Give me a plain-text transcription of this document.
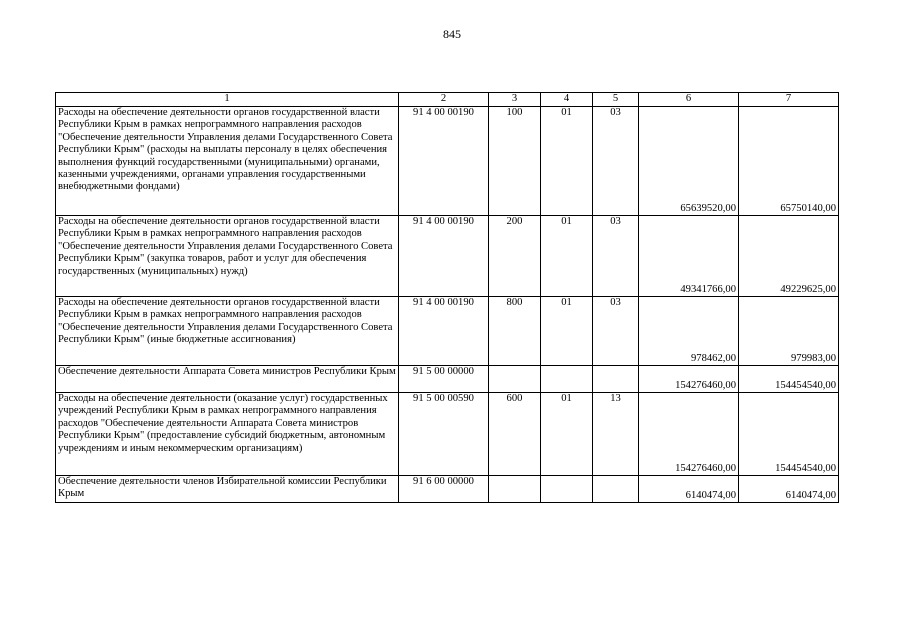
845
1	2	3	4	5	6	7
Расходы на обеспечение деятельности органов государственной власти Республики Крым в рамках непрограммного направления расходов "Обеспечение деятельности Управления делами Государственного Совета Республики Крым" (расходы на выплаты персоналу в целях обеспечения выполнения функций государственными (муниципальными) органами, казенными учреждениями, органами управления государственными внебюджетными фондами)	91 4 00 00190	100	01	03	65639520,00	65750140,00
Расходы на обеспечение деятельности органов государственной власти Республики Крым в рамках непрограммного направления расходов "Обеспечение деятельности Управления делами Государственного Совета Республики Крым" (закупка товаров, работ и услуг для обеспечения государственных (муниципальных) нужд)	91 4 00 00190	200	01	03	49341766,00	49229625,00
Расходы на обеспечение деятельности органов государственной власти Республики Крым в рамках непрограммного направления расходов "Обеспечение деятельности Управления делами Государственного Совета Республики Крым" (иные бюджетные ассигнования)	91 4 00 00190	800	01	03	978462,00	979983,00
Обеспечение деятельности Аппарата Совета министров Республики Крым	91 5 00 00000				154276460,00	154454540,00
Расходы на обеспечение деятельности (оказание услуг) государственных учреждений Республики Крым в рамках непрограммного направления расходов "Обеспечение деятельности Аппарата Совета министров Республики Крым" (предоставление субсидий бюджетным, автономным учреждениям и иным некоммерческим организациям)	91 5 00 00590	600	01	13	154276460,00	154454540,00
Обеспечение деятельности членов Избирательной комиссии Республики Крым	91 6 00 00000				6140474,00	6140474,00
